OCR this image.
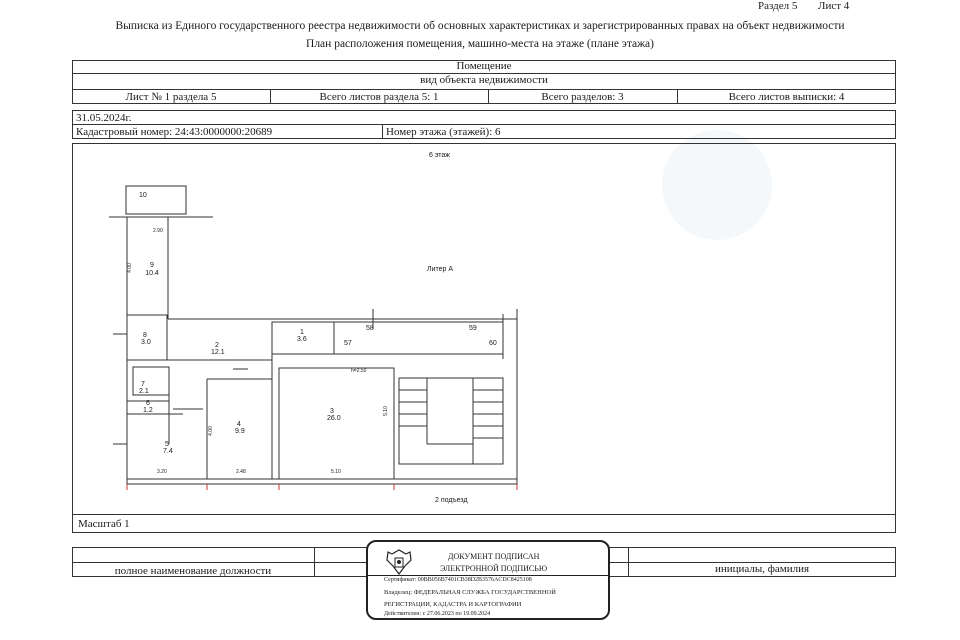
Раздел 5 Лист 4
Выписка из Единого государственного реестра недвижимости об основных характеристиках и зарегистрированных правах на объект недвижимости
План расположения помещения, машино-места на этаже (плане этажа)
Помещение
вид объекта недвижимости
Лист № 1 раздела 5	Всего листов раздела 5: 1	Всего разделов: 3	Всего листов выписки: 4
31.05.2024г.
Кадастровый номер: 24:43:0000000:20689	Номер этажа (этажей): 6
6 этаж
Литер А
2 подъезд
h=2.50
10
9
10.4
8
3.0	2
12.1
1
3.6
7
2.1
6
1.2
5
7.4
4
9.9
3
26.0
58	59
57	60
2.90
4.00
4.00
5.10
3.20	2.48	5.10
Масштаб 1
полное наименование должности	инициалы, фамилия
ДОКУМЕНТ ПОДПИСАН
ЭЛЕКТРОННОЙ ПОДПИСЬЮ
Сертификат: 00BB056B7401CB38D2B3576ACDC8425108
Владелец: ФЕДЕРАЛЬНАЯ СЛУЖБА ГОСУДАРСТВЕННОЙ
РЕГИСТРАЦИИ, КАДАСТРА И КАРТОГРАФИИ
Действителен: с 27.06.2023 по 19.09.2024
